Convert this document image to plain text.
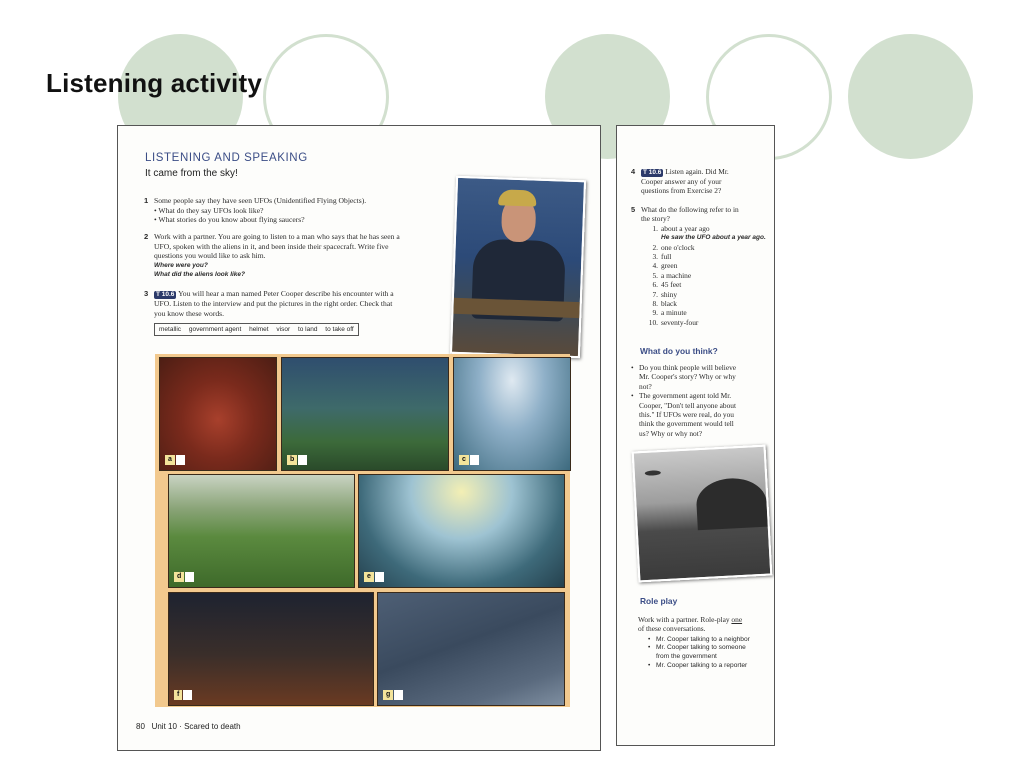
Listening activity
LISTENING AND SPEAKING
It came from the sky!
1 Some people say they have seen UFOs (Unidentified Flying Objects).
• What do they say UFOs look like?
• What stories do you know about flying saucers?
2 Work with a partner. You are going to listen to a man who says that he has seen a
UFO, spoken with the aliens in it, and been inside their spacecraft. Write five
questions you would like to ask him.
Where were you?
What did the aliens look like?
3	T 10.6 You will hear a man named Peter Cooper describe his encounter with a
UFO. Listen to the interview and put the pictures in the right order. Check that
you know these words.
metallic government agent helmet visor to land to take off
a	b	c
d	e
f	g
80 Unit 10 · Scared to death
4	T 10.6 Listen again. Did Mr.
Cooper answer any of your
questions from Exercise 2?
5 What do the following refer to in
the story?
1. about a year ago
He saw the UFO about a year ago.
2. one o'clock
3. full
4. green
5. a machine
6. 45 feet
7. shiny
8. black
9. a minute
10. seventy-four
What do you think?
• Do you think people will believe
Mr. Cooper's story? Why or why
not?
• The government agent told Mr.
Cooper, "Don't tell anyone about
this." If UFOs were real, do you
think the government would tell
us? Why or why not?
Role play
Work with a partner. Role-play one
of these conversations.
• Mr. Cooper talking to a neighbor
• Mr. Cooper talking to someone
from the government
• Mr. Cooper talking to a reporter
